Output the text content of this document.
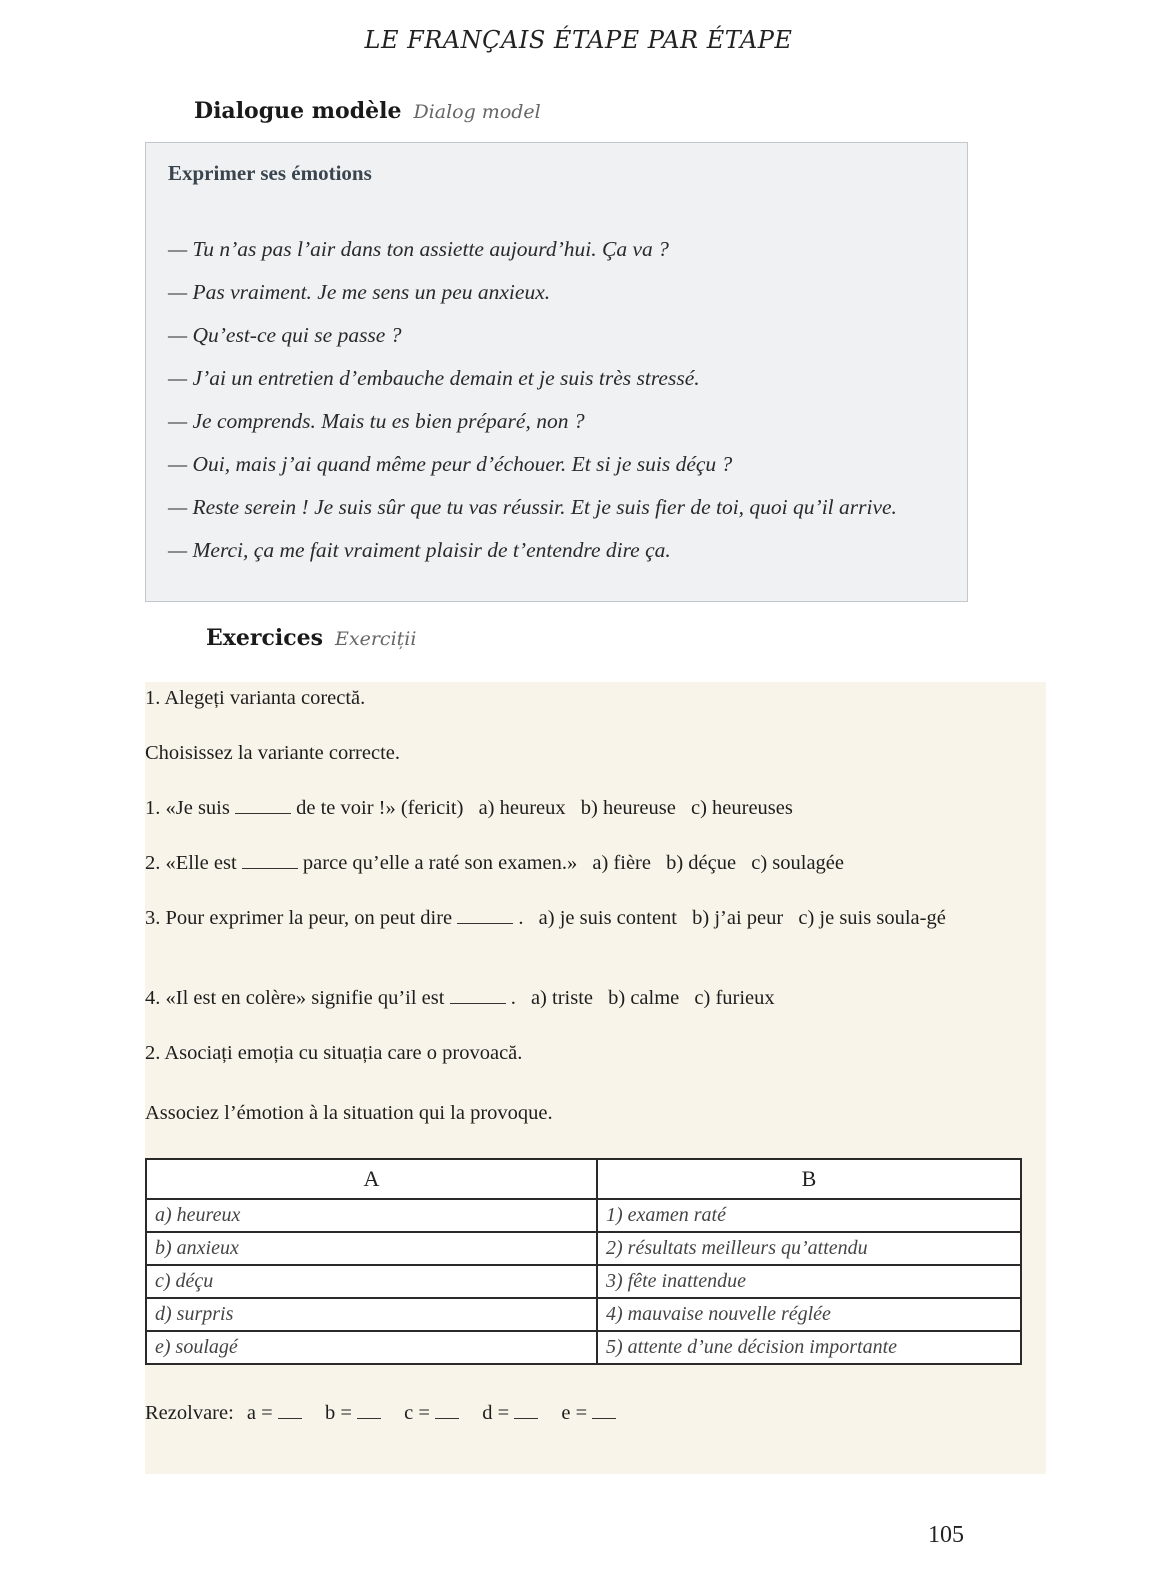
LE FRANÇAIS ÉTAPE PAR ÉTAPE
Dialogue modèle Dialog model
Exprimer ses émotions
— Tu n’as pas l’air dans ton assiette aujourd’hui. Ça va ?
— Pas vraiment. Je me sens un peu anxieux.
— Qu’est-ce qui se passe ?
— J’ai un entretien d’embauche demain et je suis très stressé.
— Je comprends. Mais tu es bien préparé, non ?
— Oui, mais j’ai quand même peur d’échouer. Et si je suis déçu ?
— Reste serein ! Je suis sûr que tu vas réussir. Et je suis fier de toi, quoi qu’il arrive.
— Merci, ça me fait vraiment plaisir de t’entendre dire ça.
Exercices Exerciții
1. Alegeți varianta corectă.
Choisissez la variante correcte.
1. «Je suis	de te voir !» (fericit) a) heureux b) heureuse c) heureuses
2. «Elle est	parce qu’elle a raté son examen.» a) fière b) déçue c) soulagée
3. Pour exprimer la peur, on peut dire	. a) je suis content b) j’ai peur c) je suis soula-gé
4. «Il est en colère» signifie qu’il est	. a) triste b) calme c) furieux
2. Asociați emoția cu situația care o provoacă.
Associez l’émotion à la situation qui la provoque.
A	B
a) heureux	1) examen raté
b) anxieux	2) résultats meilleurs qu’attendu
c) déçu	3) fête inattendue
d) surpris	4) mauvaise nouvelle réglée
e) soulagé	5) attente d’une décision importante
Rezolvare: a =	b =	c =	d =	e =
105
